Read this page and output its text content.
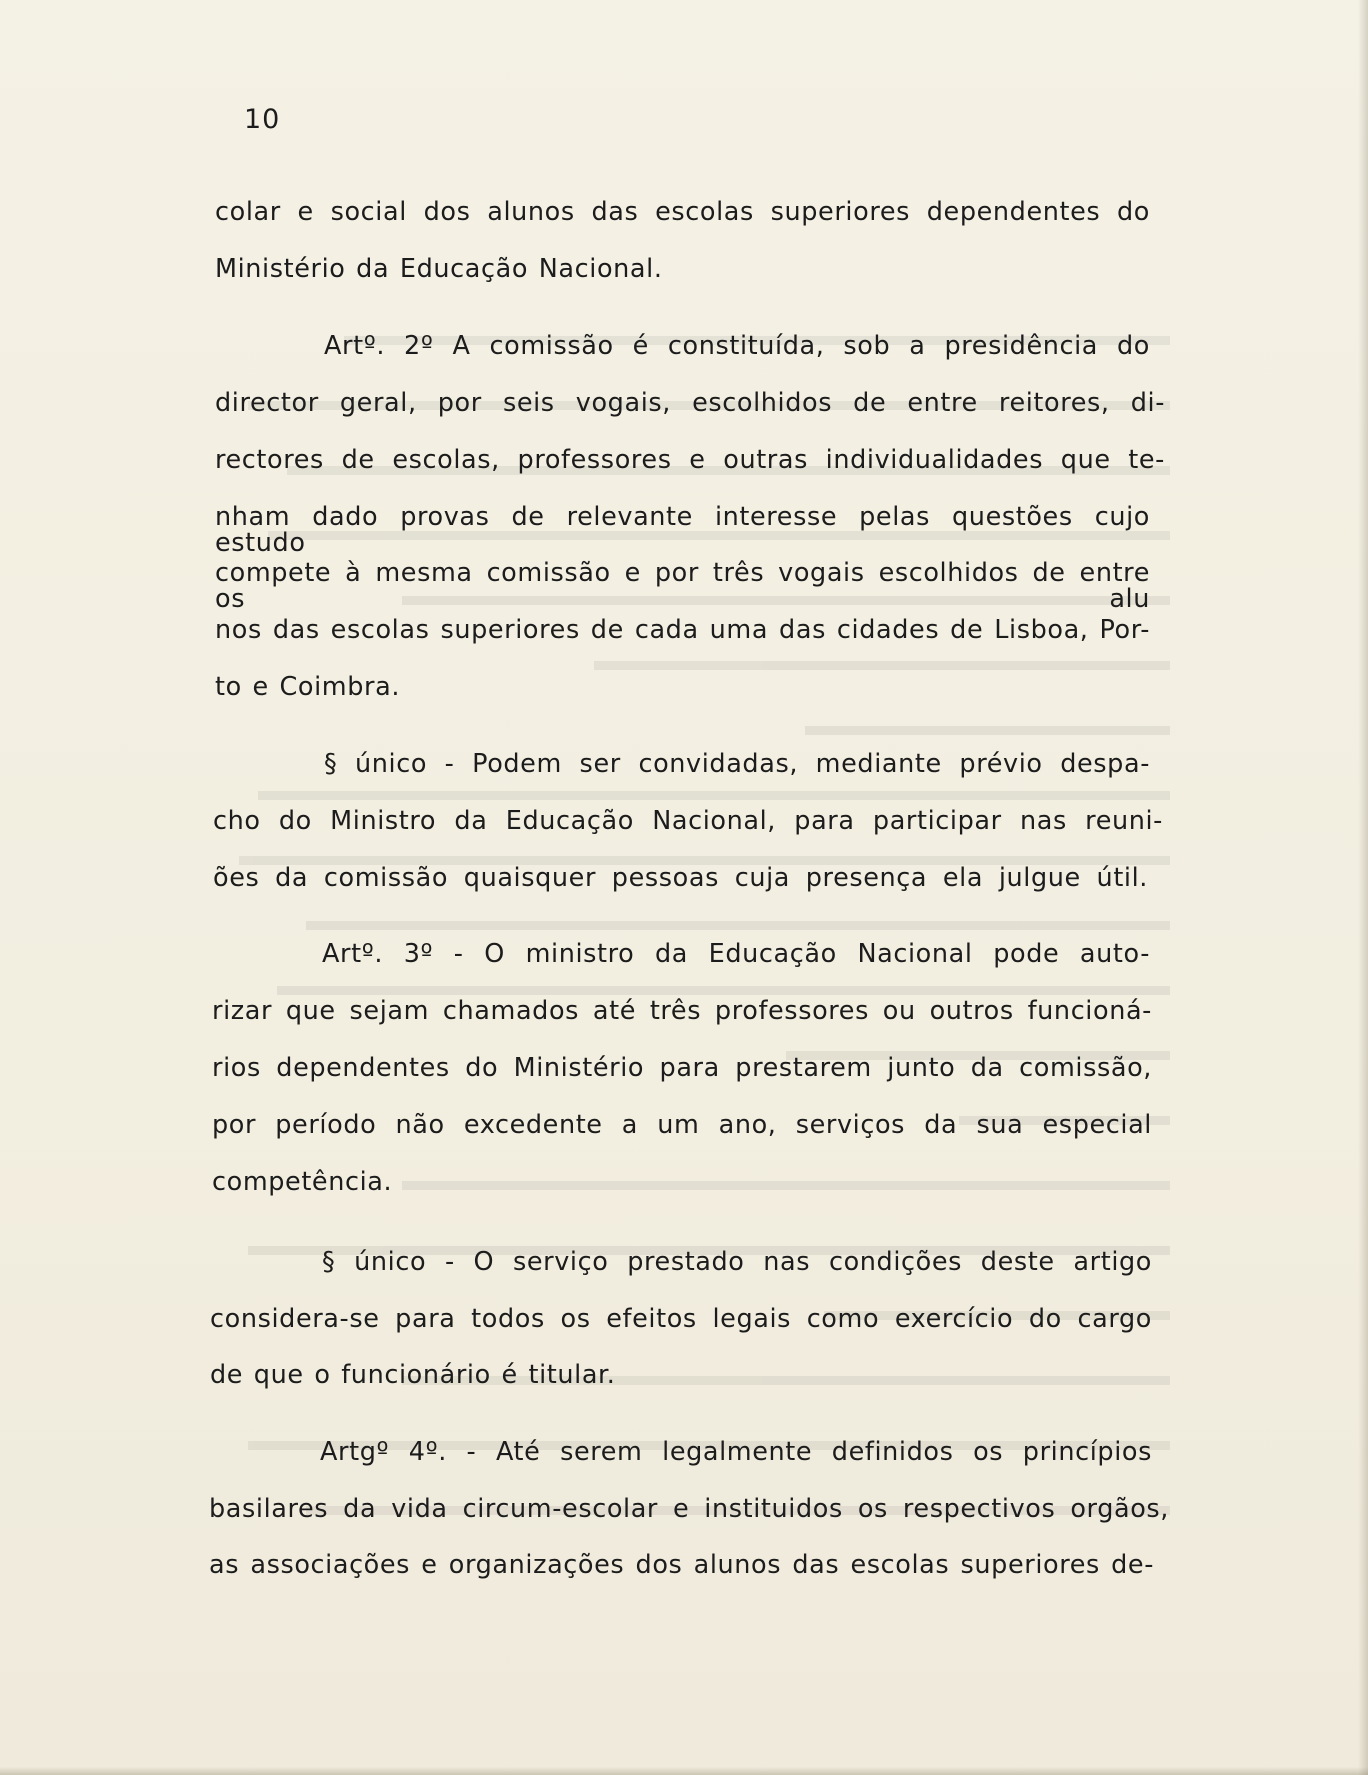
10
colar e social dos alunos das escolas superiores dependentes do
Ministério da Educação Nacional.
Artº. 2º A comissão é constituída, sob a presidência do
director geral, por seis vogais, escolhidos de entre reitores, di-
rectores de escolas, professores e outras individualidades que te-
nham dado provas de relevante interesse pelas questões cujo estudo
compete à mesma comissão e por três vogais escolhidos de entre os alu
nos das escolas superiores de cada uma das cidades de Lisboa, Por-
to e Coimbra.
§ único - Podem ser convidadas, mediante prévio despa-
cho do Ministro da Educação Nacional, para participar nas reuni-
ões da comissão quaisquer pessoas cuja presença ela julgue útil.
Artº. 3º - O ministro da Educação Nacional pode auto-
rizar que sejam chamados até três professores ou outros funcioná-
rios dependentes do Ministério para prestarem junto da comissão,
por período não excedente a um ano, serviços da sua especial
competência.
§ único - O serviço prestado nas condições deste artigo
considera-se para todos os efeitos legais como exercício do cargo
de que o funcionário é titular.
Artgº 4º. - Até serem legalmente definidos os princípios
basilares da vida circum-escolar e instituidos os respectivos orgãos,
as associações e organizações dos alunos das escolas superiores de-
